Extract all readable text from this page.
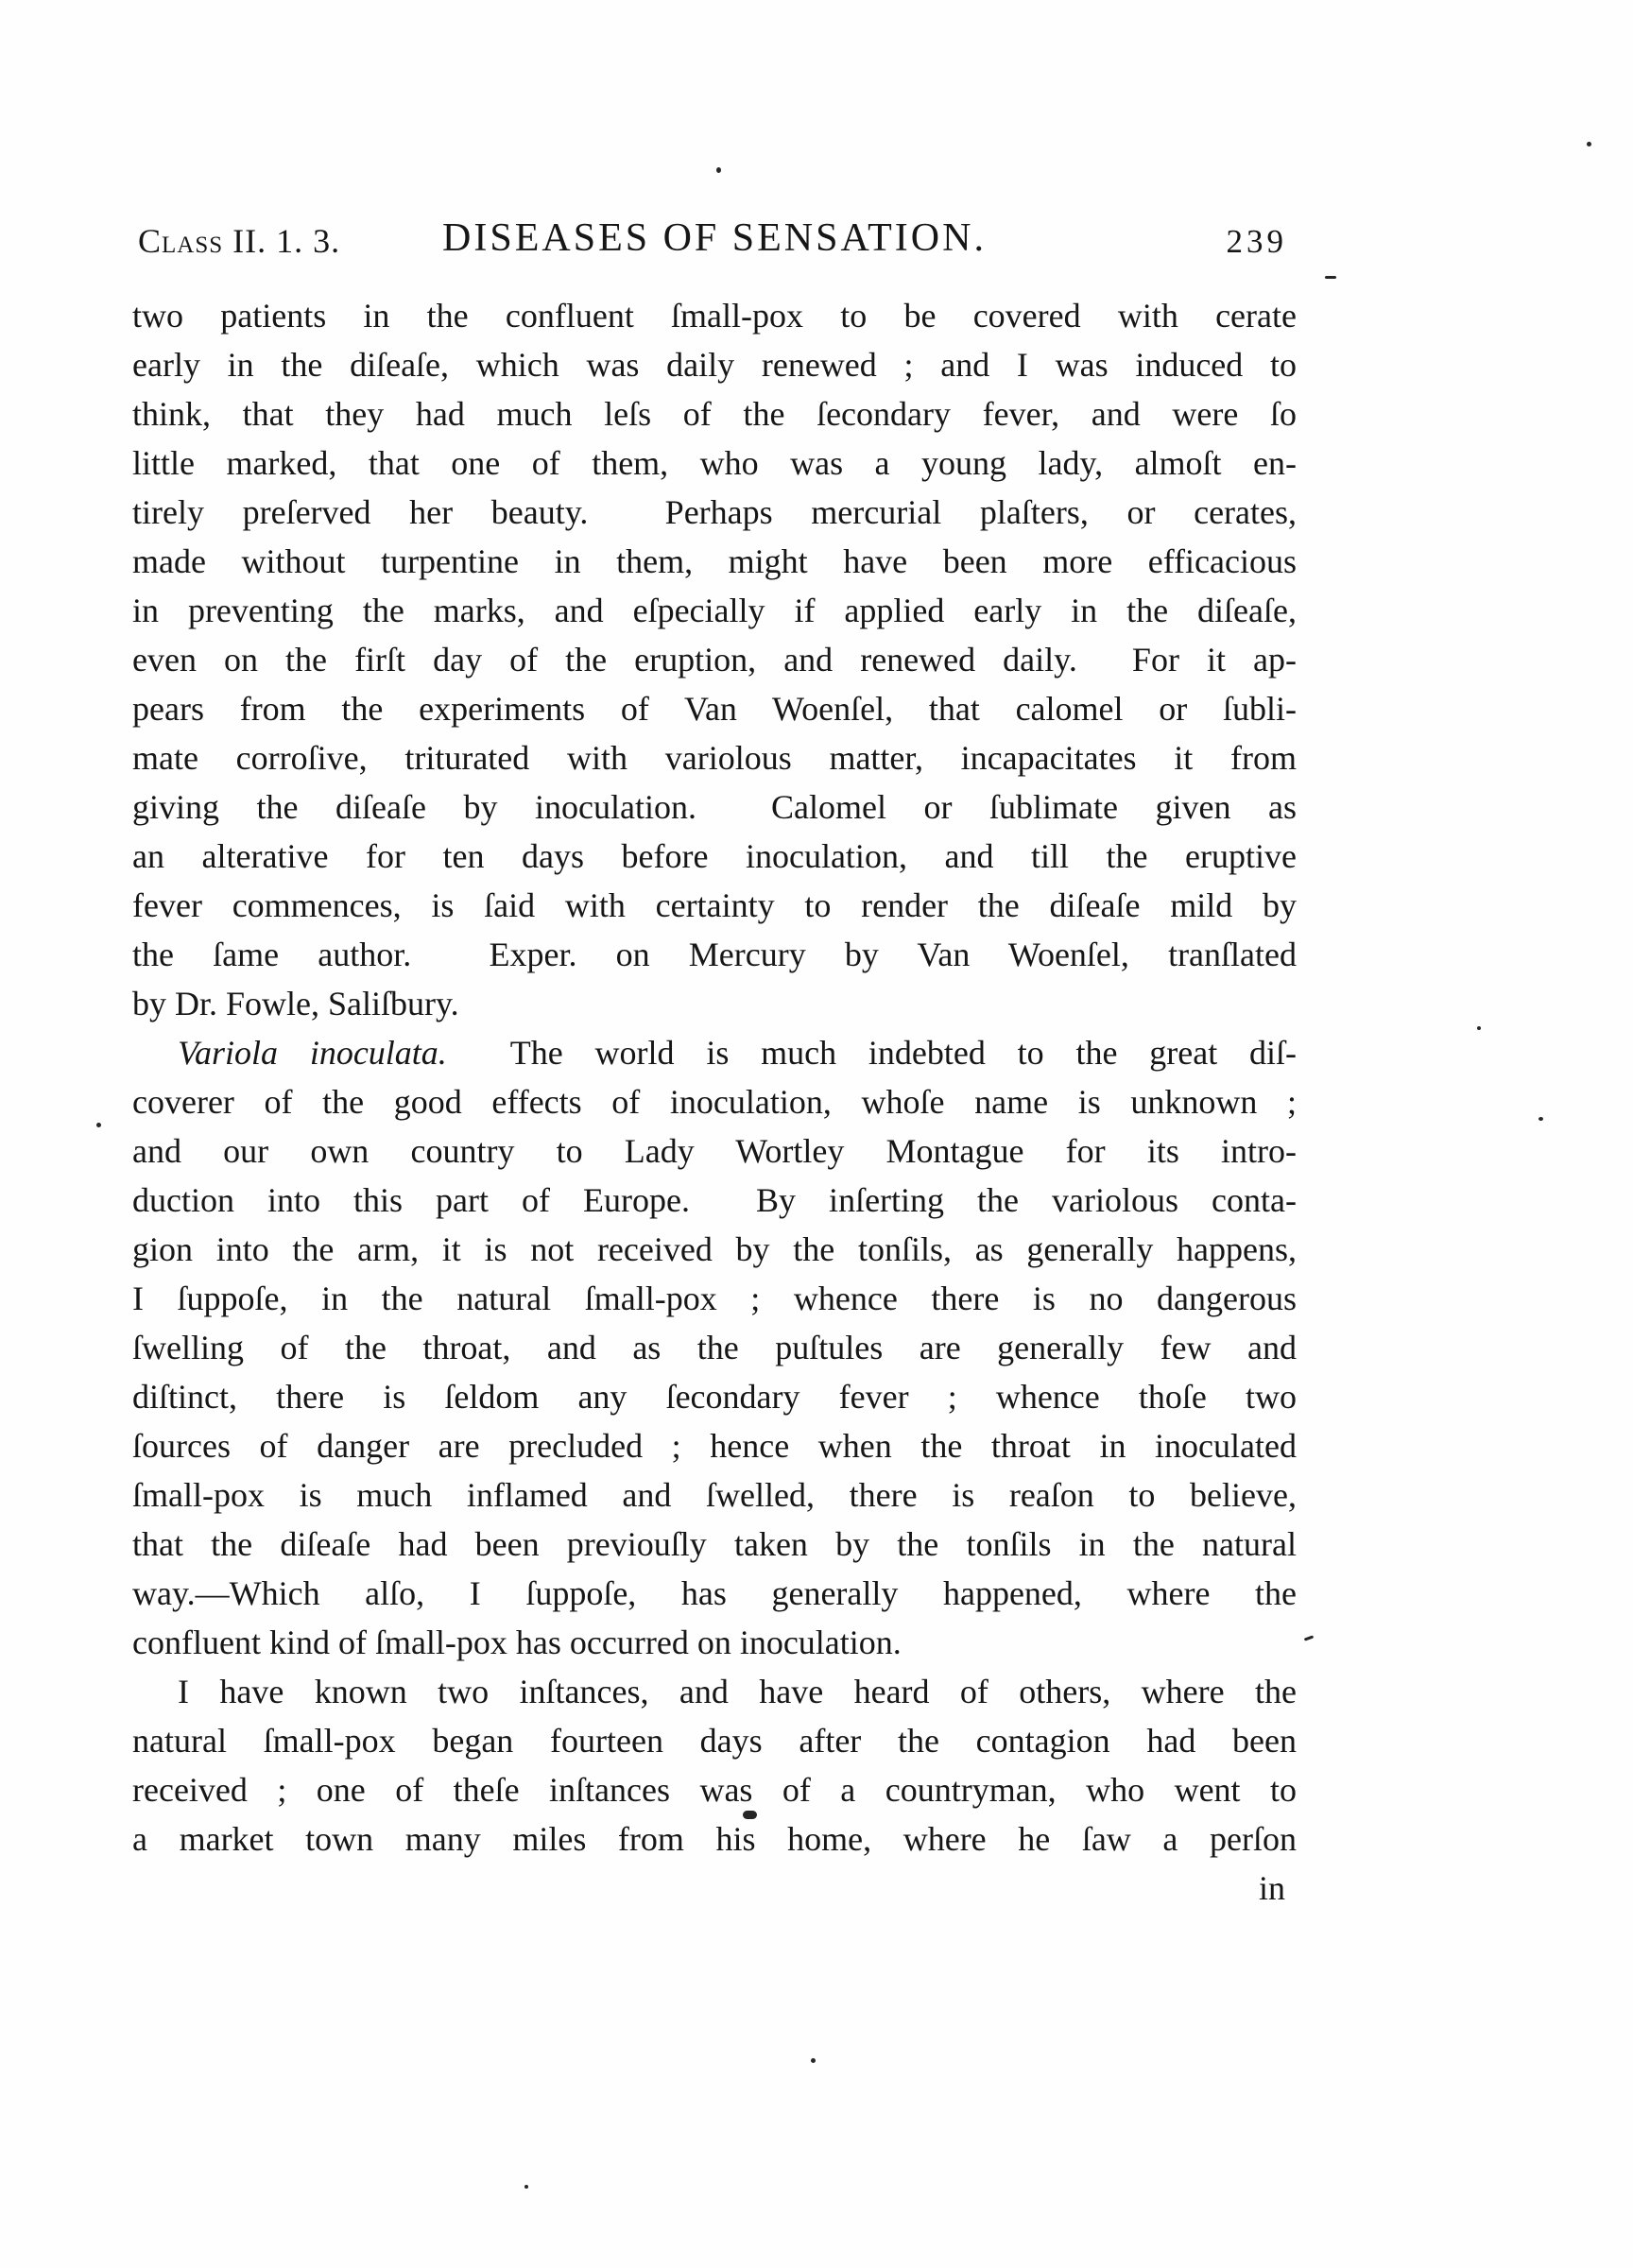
Class II. 1. 3.	DISEASES OF SENSATION.	239
two patients in the confluent ſmall-pox to be covered with cerate
early in the diſeaſe, which was daily renewed ; and I was induced to
think, that they had much leſs of the ſecondary fever, and were ſo
little marked, that one of them, who was a young lady, almoſt en-
tirely preſerved her beauty.  Perhaps mercurial plaſters, or cerates,
made without turpentine in them, might have been more efficacious
in preventing the marks, and eſpecially if applied early in the diſeaſe,
even on the firſt day of the eruption, and renewed daily.  For it ap-
pears from the experiments of Van Woenſel, that calomel or ſubli-
mate corroſive, triturated with variolous matter, incapacitates it from
giving the diſeaſe by inoculation.  Calomel or ſublimate given as
an alterative for ten days before inoculation, and till the eruptive
fever commences, is ſaid with certainty to render the diſeaſe mild by
the ſame author.  Exper. on Mercury by Van Woenſel, tranſlated
by Dr. Fowle, Saliſbury.
Variola inoculata.  The world is much indebted to the great diſ-
coverer of the good effects of inoculation, whoſe name is unknown ;
and our own country to Lady Wortley Montague for its intro-
duction into this part of Europe.  By inſerting the variolous conta-
gion into the arm, it is not received by the tonſils, as generally happens,
I ſuppoſe, in the natural ſmall-pox ; whence there is no dangerous
ſwelling of the throat, and as the puſtules are generally few and
diſtinct, there is ſeldom any ſecondary fever ; whence thoſe two
ſources of danger are precluded ; hence when the throat in inoculated
ſmall-pox is much inflamed and ſwelled, there is reaſon to believe,
that the diſeaſe had been previouſly taken by the tonſils in the natural
way.—Which alſo, I ſuppoſe, has generally happened, where the
confluent kind of ſmall-pox has occurred on inoculation.
I have known two inſtances, and have heard of others, where the
natural ſmall-pox began fourteen days after the contagion had been
received ; one of theſe inſtances was of a countryman, who went to
a market town many miles from his home, where he ſaw a perſon
in
